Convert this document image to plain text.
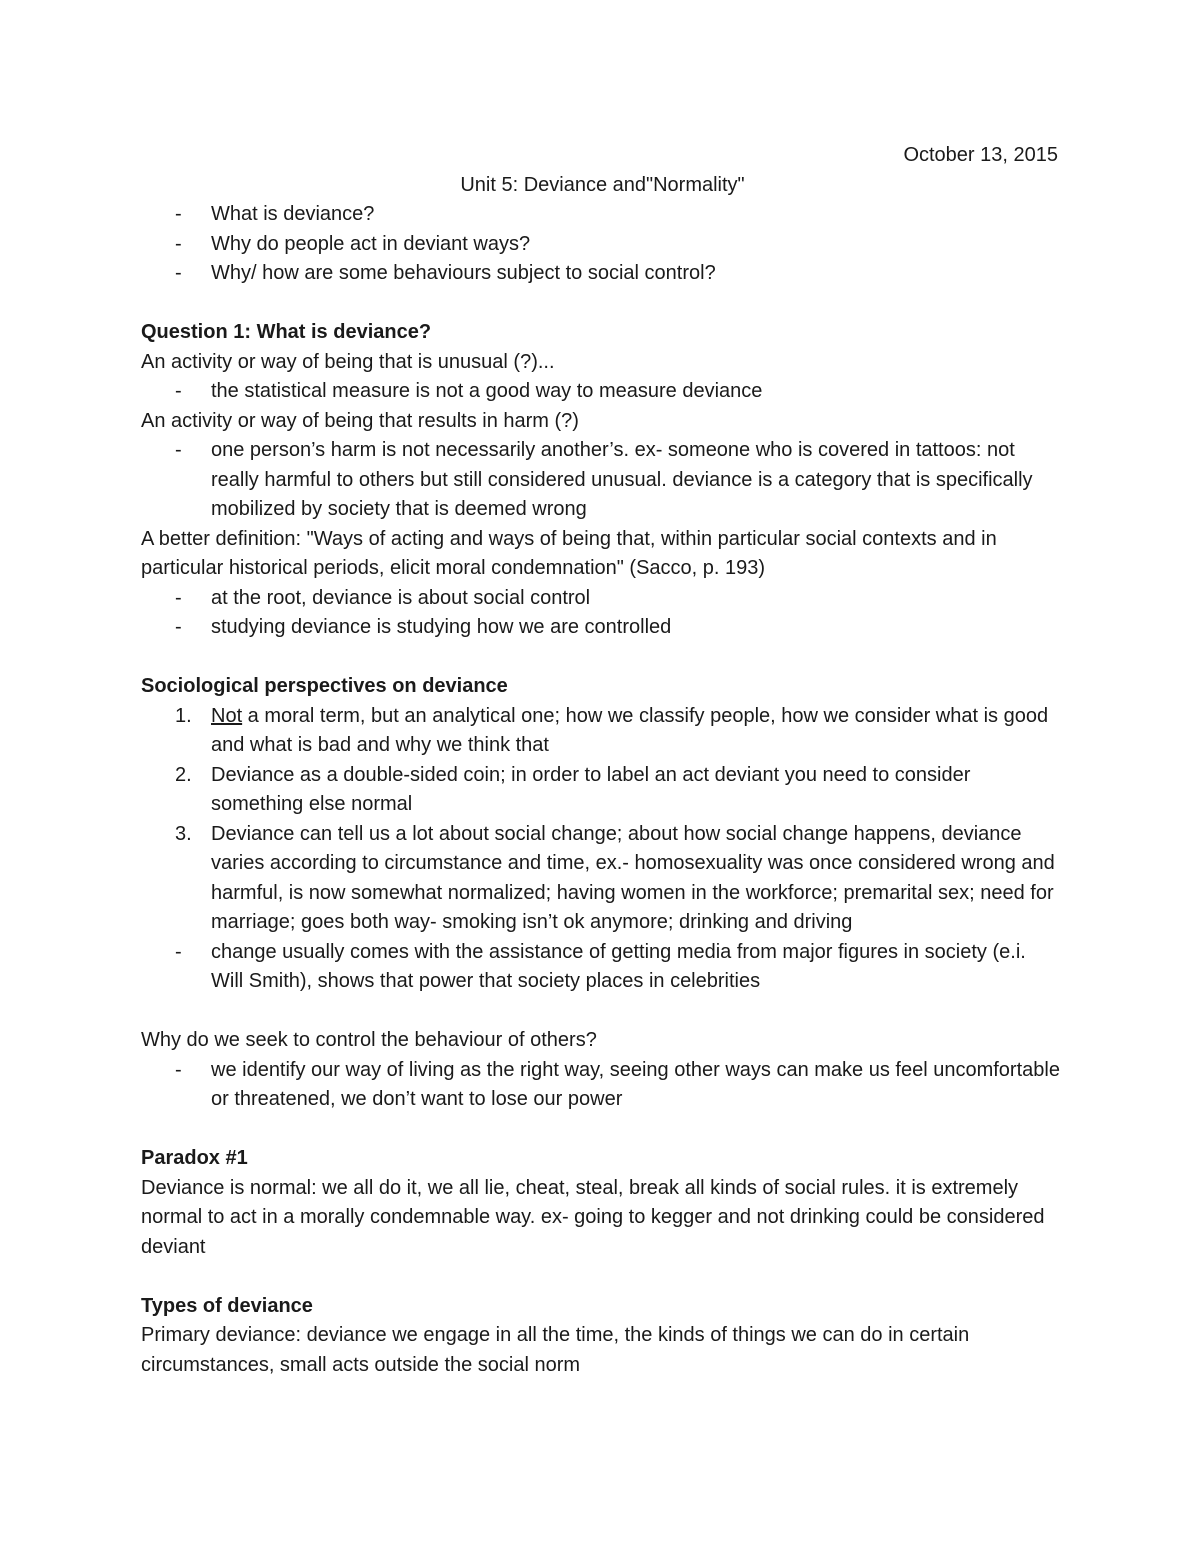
October 13, 2015
Unit 5: Deviance and"Normality"
- What is deviance?
- Why do people act in deviant ways?
- Why/ how are some behaviours subject to social control?
Question 1: What is deviance?

An activity or way of being that is unusual (?)...

- the statistical measure is not a good way to measure deviance

An activity or way of being that results in harm (?)

- one person’s harm is not necessarily another’s. ex- someone who is covered in tattoos: not really harmful to others but still considered unusual. deviance is a category that is specifically mobilized by society that is deemed wrong

A better definition: "Ways of acting and ways of being that, within particular social contexts and in particular historical periods, elicit moral condemnation" (Sacco, p. 193)

- at the root, deviance is about social control
- studying deviance is studying how we are controlled
Sociological perspectives on deviance
1. Not a moral term, but an analytical one; how we classify people, how we consider what is good and what is bad and why we think that
2. Deviance as a double-sided coin; in order to label an act deviant you need to consider something else normal
3. Deviance can tell us a lot about social change; about how social change happens, deviance varies according to circumstance and time, ex.- homosexuality was once considered wrong and harmful, is now somewhat normalized; having women in the workforce; premarital sex; need for marriage; goes both way- smoking isn’t ok anymore; drinking and driving
- change usually comes with the assistance of getting media from major figures in society (e.i. Will Smith), shows that power that society places in celebrities

Why do we seek to control the behaviour of others?

- we identify our way of living as the right way, seeing other ways can make us feel uncomfortable or threatened, we don’t want to lose our power
Paradox #1

Deviance is normal: we all do it, we all lie, cheat, steal, break all kinds of social rules. it is extremely normal to act in a morally condemnable way. ex- going to kegger and not drinking could be considered deviant

Types of deviance

Primary deviance: deviance we engage in all the time, the kinds of things we can do in certain circumstances, small acts outside the social norm
